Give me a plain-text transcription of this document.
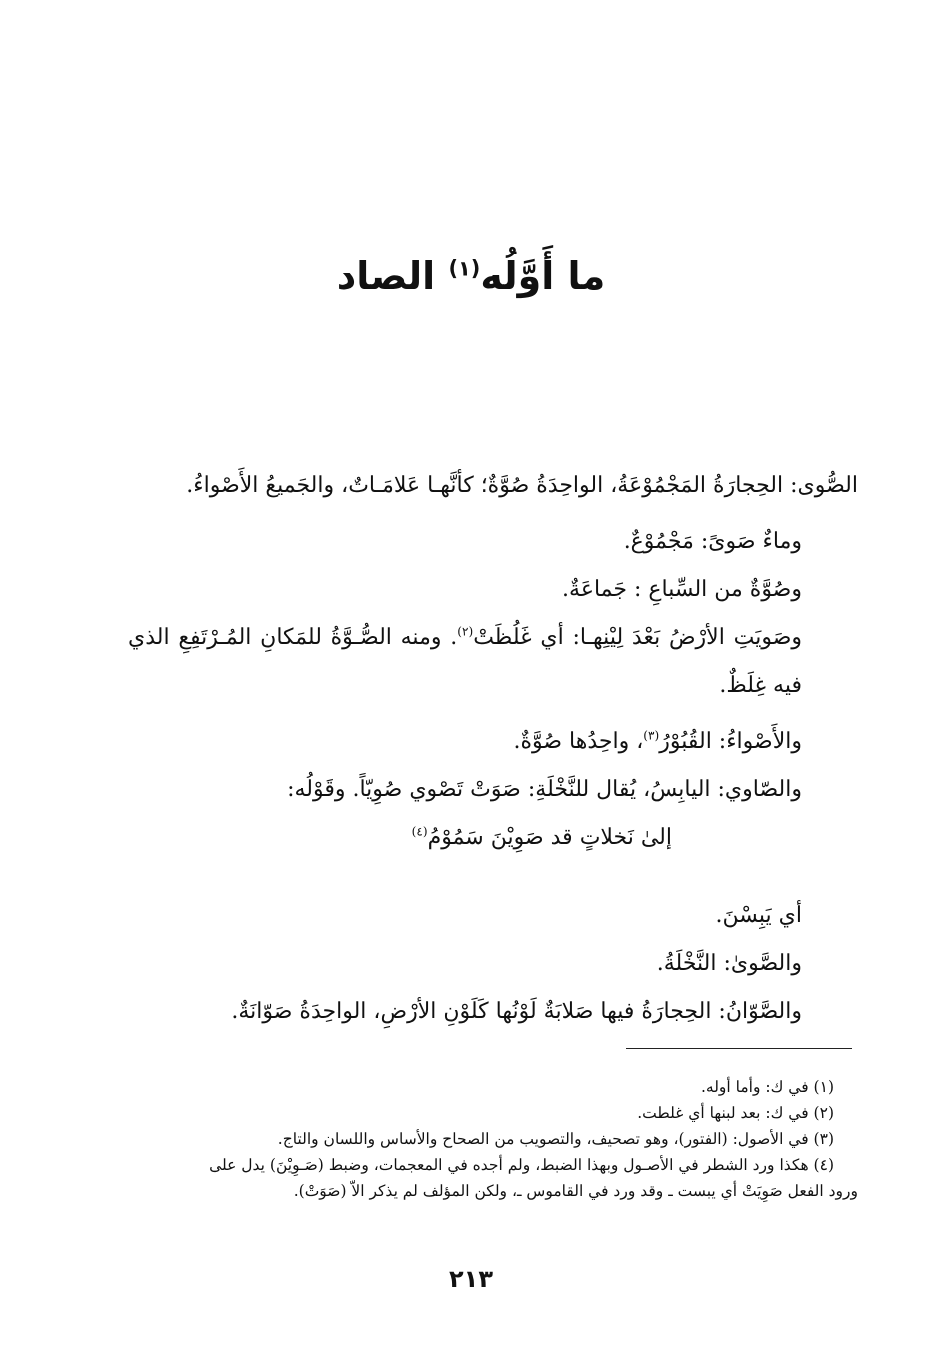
ما أَوَّلُه$^{(١)}$ الصاد

الصُّوى: الحِجارَةُ المَجْمُوْعَةُ، الواحِدَةُ صُوَّةٌ؛ كأنَّهـا عَلامَـاتٌ، والجَميعُ الأَصْواءُ.

وماءٌ صَوىً: مَجْمُوْعٌ.

وصُوَّةٌ من السِّباعِ : جَماعَةٌ.

وصَويَتِ الأرْضُ بَعْدَ لِيْنِهـا: أي غَلُظَتْ$^{(٢)}$. ومنه الصُّـوَّةُ للمَكانِ المُـرْتَفِعِ الذي فيه غِلَظٌ.

والأَصْواءُ: القُبُوْرُ$^{(٣)}$، واحِدُها صُوَّةٌ.

والصّاوي: اليابِسُ، يُقال للنَّخْلَةِ: صَوَتْ تَصْوي صُوِيّاً. وقَوْلُه:

إلىٰ نَخلاتٍ قد صَوِيْنَ سَمُوْمُ$^{(٤)}$

أي يَبِسْنَ.

والصَّوىٰ: النَّخْلَةُ.

والصَّوّانُ: الحِجارَةُ فيها صَلابَةٌ لَوْنُها كَلَوْنِ الأرْضِ، الواحِدَةُ صَوّانَةٌ.

(١) في ك: وأما أوله.

(٢) في ك: بعد لبنها أي غلطت.

(٣) في الأصول: (الفتور)، وهو تصحيف، والتصويب من الصحاح والأساس واللسان والتاج.

(٤) هكذا ورد الشطر في الأصـول وبهذا الضبط، ولم أجده في المعجمات، وضبط (صَـوِيْنَ) يدل على

ورود الفعل صَوِيَتْ أي يبست ـ وقد ورد في القاموس ـ، ولكن المؤلف لم يذكر الاّ (صَوَتْ).

٢١٣
